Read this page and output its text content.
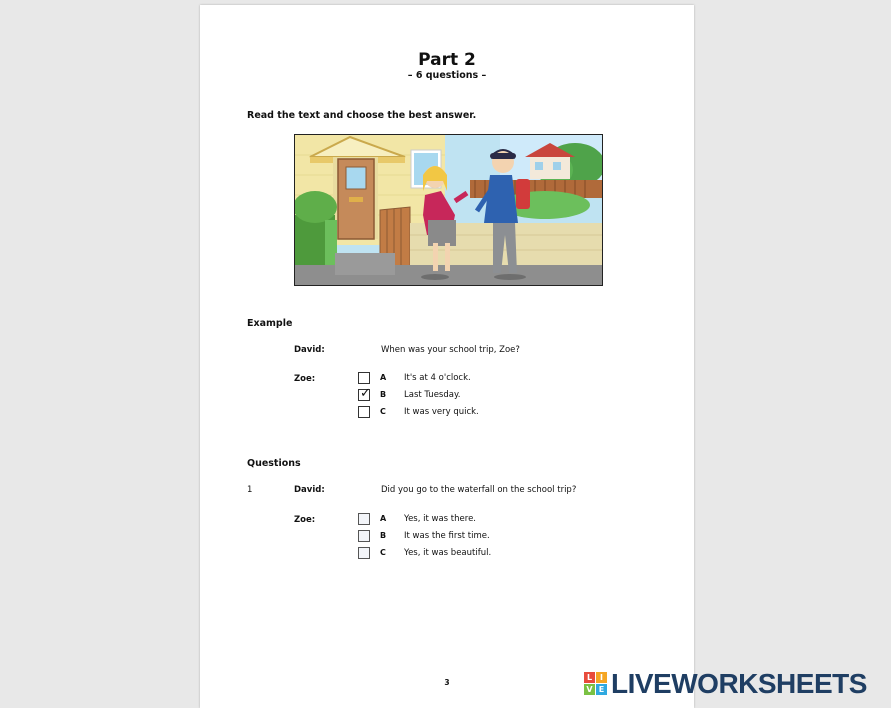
Part 2
– 6 questions –
Read the text and choose the best answer.
Example
David:	When was your school trip, Zoe?
Zoe:	A It's at 4 o'clock.
✓ B Last Tuesday.
C It was very quick.
Questions
1	David:	Did you go to the waterfall on the school trip?
Zoe:	A Yes, it was there.
B It was the first time.
C Yes, it was beautiful.
3
L I
V E LIVEWORKSHEETS
